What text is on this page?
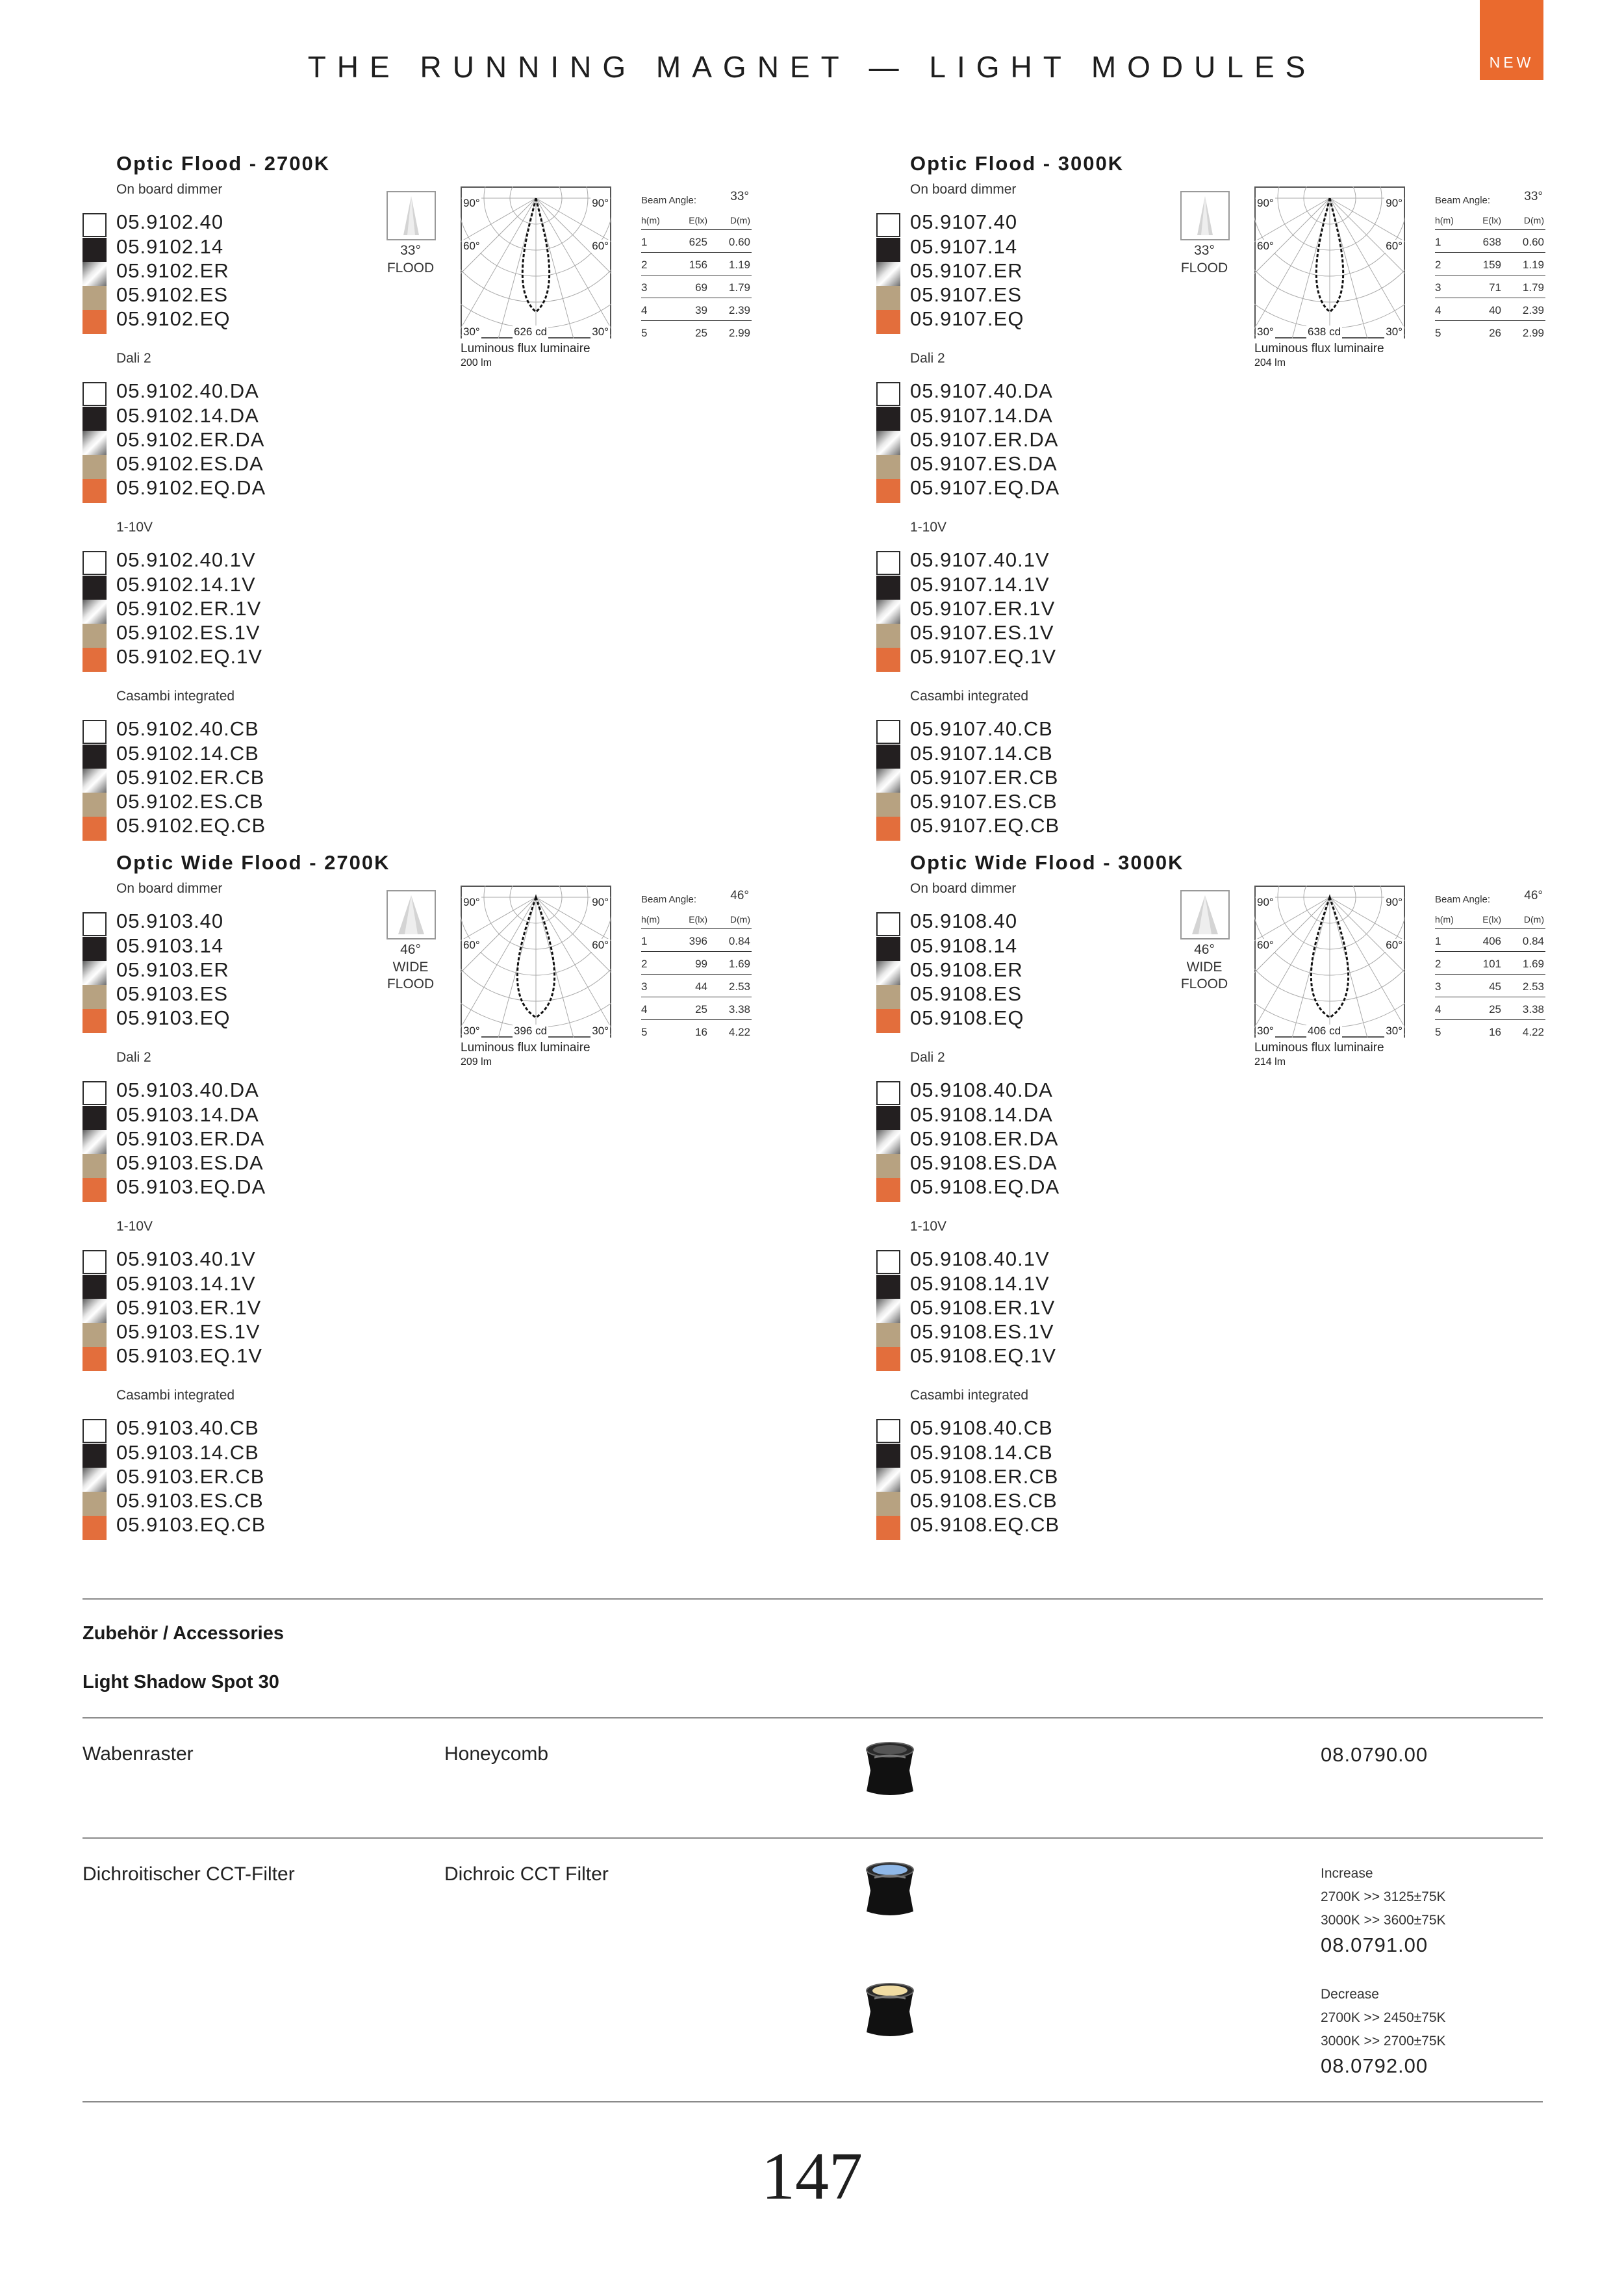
THE RUNNING MAGNET — LIGHT MODULES	NEW
Optic Flood - 2700K
On board dimmer
05.9102.40
05.9102.14
05.9102.ER
05.9102.ES
05.9102.EQ
Dali 2
05.9102.40.DA
05.9102.14.DA
05.9102.ER.DA
05.9102.ES.DA
05.9102.EQ.DA
1-10V
05.9102.40.1V
05.9102.14.1V
05.9102.ER.1V
05.9102.ES.1V
05.9102.EQ.1V
Casambi integrated
05.9102.40.CB
05.9102.14.CB
05.9102.ER.CB
05.9102.ES.CB
05.9102.EQ.CB
33°
FLOOD
90°	90°
60°	60°
30°	30°
626 cd
Luminous flux luminaire
200 lm
Beam Angle:	33°
h(m)	E(lx) D(m)
1	625 0.60
2	156 1.19
3	69 1.79
4	39 2.39
5	25 2.99
Optic Flood - 3000K
On board dimmer
05.9107.40
05.9107.14
05.9107.ER
05.9107.ES
05.9107.EQ
Dali 2
05.9107.40.DA
05.9107.14.DA
05.9107.ER.DA
05.9107.ES.DA
05.9107.EQ.DA
1-10V
05.9107.40.1V
05.9107.14.1V
05.9107.ER.1V
05.9107.ES.1V
05.9107.EQ.1V
Casambi integrated
05.9107.40.CB
05.9107.14.CB
05.9107.ER.CB
05.9107.ES.CB
05.9107.EQ.CB
33°
FLOOD
90°	90°
60°	60°
30°	30°
638 cd
Luminous flux luminaire
204 lm
Beam Angle:	33°
h(m)	E(lx) D(m)
1	638 0.60
2	159 1.19
3	71 1.79
4	40 2.39
5	26 2.99
Optic Wide Flood - 2700K
On board dimmer
05.9103.40
05.9103.14
05.9103.ER
05.9103.ES
05.9103.EQ
Dali 2
05.9103.40.DA
05.9103.14.DA
05.9103.ER.DA
05.9103.ES.DA
05.9103.EQ.DA
1-10V
05.9103.40.1V
05.9103.14.1V
05.9103.ER.1V
05.9103.ES.1V
05.9103.EQ.1V
Casambi integrated
05.9103.40.CB
05.9103.14.CB
05.9103.ER.CB
05.9103.ES.CB
05.9103.EQ.CB
46°
WIDE
FLOOD
90°	90°
60°	60°
30°	30°
396 cd
Luminous flux luminaire
209 lm
Beam Angle:	46°
h(m)	E(lx) D(m)
1	396 0.84
2	99 1.69
3	44 2.53
4	25 3.38
5	16 4.22
Optic Wide Flood - 3000K
On board dimmer
05.9108.40
05.9108.14
05.9108.ER
05.9108.ES
05.9108.EQ
Dali 2
05.9108.40.DA
05.9108.14.DA
05.9108.ER.DA
05.9108.ES.DA
05.9108.EQ.DA
1-10V
05.9108.40.1V
05.9108.14.1V
05.9108.ER.1V
05.9108.ES.1V
05.9108.EQ.1V
Casambi integrated
05.9108.40.CB
05.9108.14.CB
05.9108.ER.CB
05.9108.ES.CB
05.9108.EQ.CB
46°
WIDE
FLOOD
90°	90°
60°	60°
30°	30°
406 cd
Luminous flux luminaire
214 lm
Beam Angle:	46°
h(m)	E(lx) D(m)
1	406 0.84
2	101 1.69
3	45 2.53
4	25 3.38
5	16 4.22
Zubehör / Accessories
Light Shadow Spot 30
Wabenraster	Honeycomb	08.0790.00
Dichroitischer CCT-Filter	Dichroic CCT Filter	Increase
2700K >> 3125±75K
3000K >> 3600±75K
08.0791.00
Decrease
2700K >> 2450±75K
3000K >> 2700±75K
08.0792.00
147
